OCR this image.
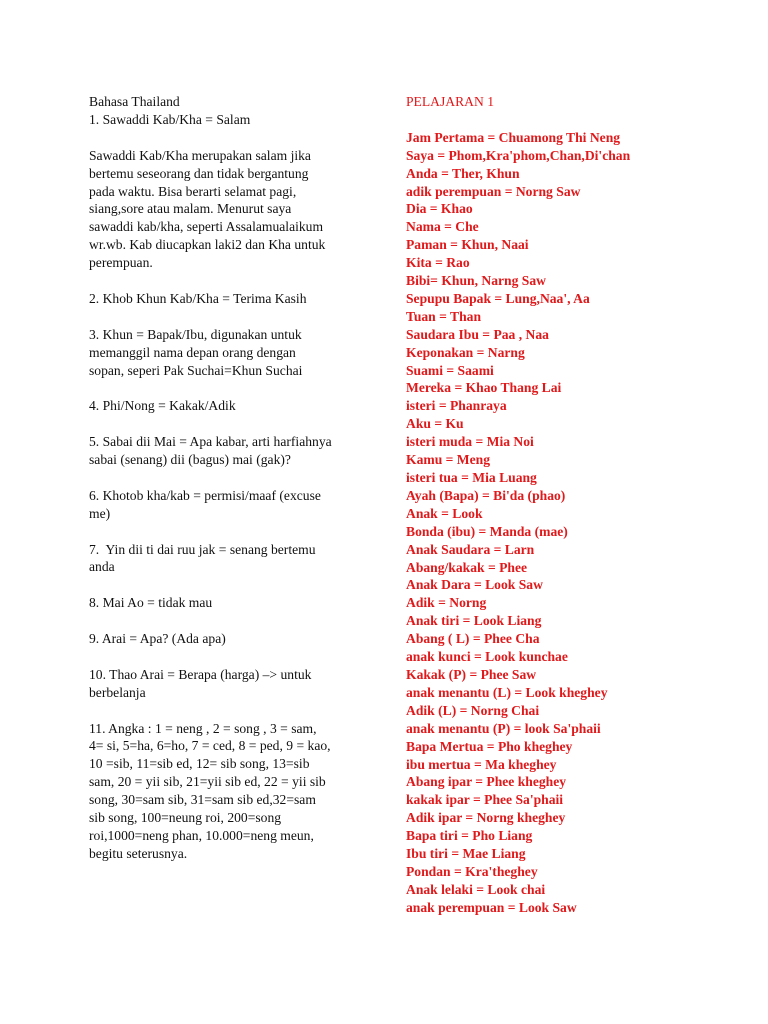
Bahasa Thailand

1. Sawaddi Kab/Kha = Salam

Sawaddi Kab/Kha merupakan salam jika
bertemu seseorang dan tidak bergantung
pada waktu. Bisa berarti selamat pagi,
siang,sore atau malam. Menurut saya
sawaddi kab/kha, seperti Assalamualaikum
wr.wb. Kab diucapkan laki2 dan Kha untuk
perempuan.

2. Khob Khun Kab/Kha = Terima Kasih

3. Khun = Bapak/Ibu, digunakan untuk
memanggil nama depan orang dengan
sopan, seperi Pak Suchai=Khun Suchai

4. Phi/Nong = Kakak/Adik

5. Sabai dii Mai = Apa kabar, arti harfiahnya
sabai (senang) dii (bagus) mai (gak)?

6. Khotob kha/kab = permisi/maaf (excuse
me)

7.  Yin dii ti dai ruu jak = senang bertemu
anda

8. Mai Ao = tidak mau

9. Arai = Apa? (Ada apa)

10. Thao Arai = Berapa (harga) –> untuk
berbelanja

11. Angka : 1 = neng , 2 = song , 3 = sam,
4= si, 5=ha, 6=ho, 7 = ced, 8 = ped, 9 = kao,
10 =sib, 11=sib ed, 12= sib song, 13=sib
sam, 20 = yii sib, 21=yii sib ed, 22 = yii sib
song, 30=sam sib, 31=sam sib ed,32=sam
sib song, 100=neung roi, 200=song
roi,1000=neng phan, 10.000=neng meun,
begitu seterusnya.

PELAJARAN 1

Jam Pertama = Chuamong Thi Neng
Saya = Phom,Kra'phom,Chan,Di'chan
Anda = Ther, Khun
adik perempuan = Norng Saw
Dia = Khao
Nama = Che
Paman = Khun, Naai
Kita = Rao
Bibi= Khun, Narng Saw
Sepupu Bapak = Lung,Naa', Aa
Tuan = Than
Saudara Ibu = Paa , Naa
Keponakan = Narng
Suami = Saami
Mereka = Khao Thang Lai
isteri = Phanraya
Aku = Ku
isteri muda = Mia Noi
Kamu = Meng
isteri tua = Mia Luang
Ayah (Bapa) = Bi'da (phao)
Anak = Look
Bonda (ibu) = Manda (mae)
Anak Saudara = Larn
Abang/kakak = Phee
Anak Dara = Look Saw
Adik = Norng
Anak tiri = Look Liang
Abang ( L) = Phee Cha
anak kunci = Look kunchae
Kakak (P) = Phee Saw
anak menantu (L) = Look kheghey
Adik (L) = Norng Chai
anak menantu (P) = look Sa'phaii
Bapa Mertua = Pho kheghey
ibu mertua = Ma kheghey
Abang ipar = Phee kheghey
kakak ipar = Phee Sa'phaii
Adik ipar = Norng kheghey
Bapa tiri = Pho Liang
Ibu tiri = Mae Liang
Pondan = Kra'theghey
Anak lelaki = Look chai
anak perempuan = Look Saw
